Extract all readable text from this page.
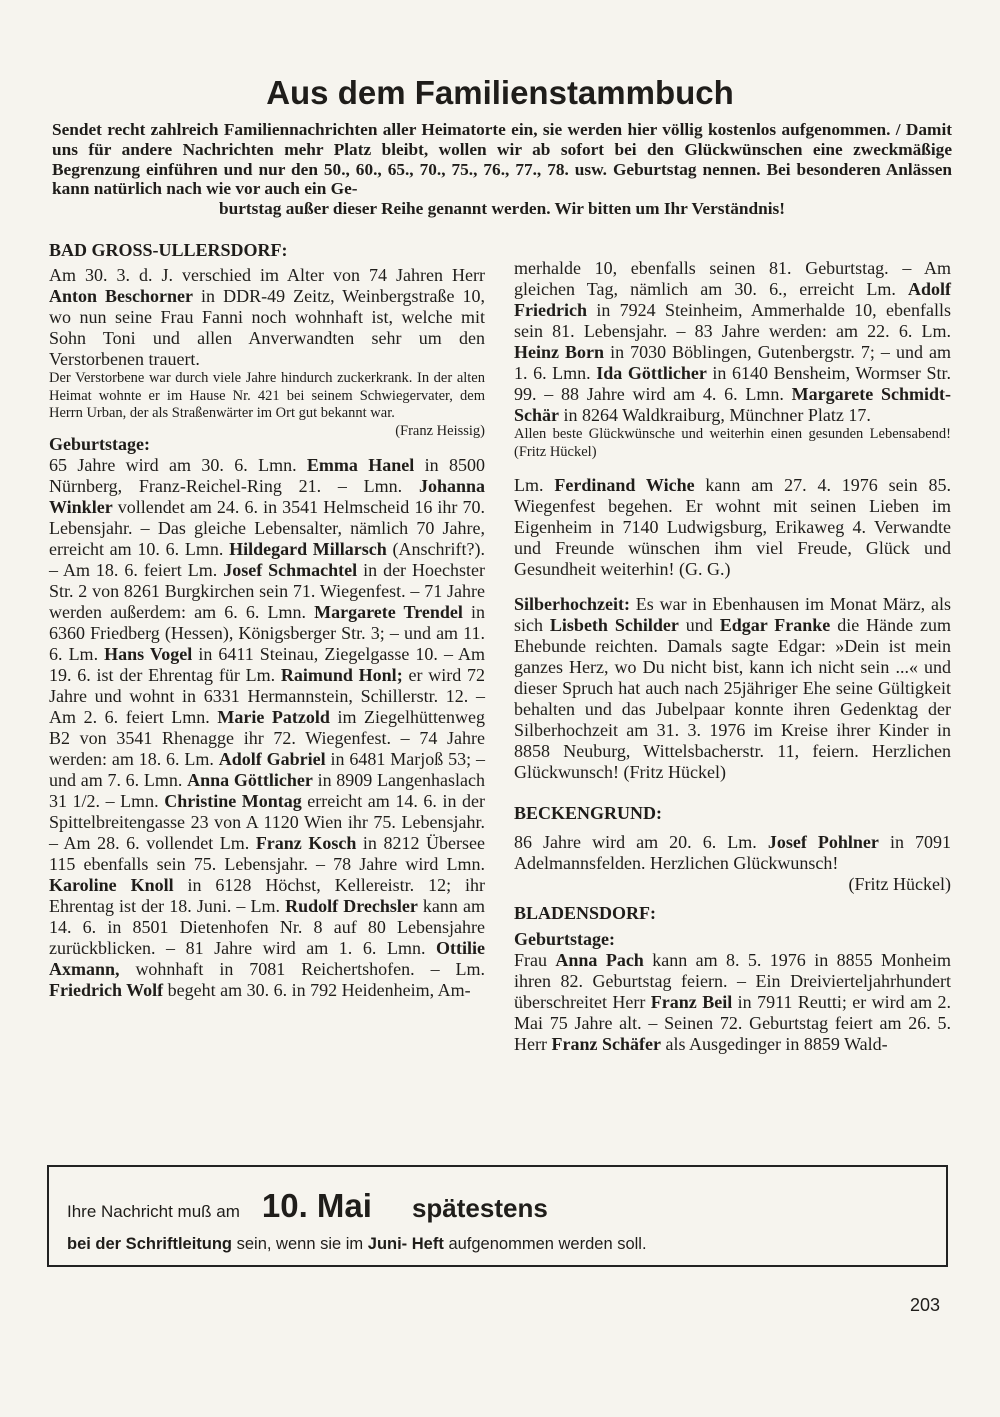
Aus dem Familienstammbuch
Sendet recht zahlreich Familiennachrichten aller Heimatorte ein, sie werden hier völlig kostenlos aufgenommen. / Damit uns für andere Nachrichten mehr Platz bleibt, wollen wir ab sofort bei den Glückwünschen eine zweckmäßige Begrenzung einführen und nur den 50., 60., 65., 70., 75., 76., 77., 78. usw. Geburtstag nennen. Bei besonderen Anlässen kann natürlich nach wie vor auch ein Ge-
burtstag außer dieser Reihe genannt werden. Wir bitten um Ihr Verständnis!

BAD GROSS-ULLERSDORF:

Am 30. 3. d. J. verschied im Alter von 74 Jahren Herr Anton Beschorner in DDR-49 Zeitz, Weinbergstraße 10, wo nun seine Frau Fanni noch wohnhaft ist, welche mit Sohn Toni und allen Anverwandten sehr um den Verstorbenen trauert.

Der Verstorbene war durch viele Jahre hindurch zuckerkrank. In der alten Heimat wohnte er im Hause Nr. 421 bei seinem Schwiegervater, dem Herrn Urban, der als Straßenwärter im Ort gut bekannt war.

(Franz Heissig)

Geburtstage:

65 Jahre wird am 30. 6. Lmn. Emma Hanel in 8500 Nürnberg, Franz-Reichel-Ring 21. – Lmn. Johanna Winkler vollendet am 24. 6. in 3541 Helmscheid 16 ihr 70. Lebensjahr. – Das gleiche Lebensalter, nämlich 70 Jahre, erreicht am 10. 6. Lmn. Hildegard Millarsch (Anschrift?). – Am 18. 6. feiert Lm. Josef Schmachtel in der Hoechster Str. 2 von 8261 Burgkirchen sein 71. Wiegenfest. – 71 Jahre werden außerdem: am 6. 6. Lmn. Margarete Trendel in 6360 Friedberg (Hessen), Königsberger Str. 3; – und am 11. 6. Lm. Hans Vogel in 6411 Steinau, Ziegelgasse 10. – Am 19. 6. ist der Ehrentag für Lm. Raimund Honl; er wird 72 Jahre und wohnt in 6331 Hermannstein, Schillerstr. 12. – Am 2. 6. feiert Lmn. Marie Patzold im Ziegelhüttenweg B2 von 3541 Rhenagge ihr 72. Wiegenfest. – 74 Jahre werden: am 18. 6. Lm. Adolf Gabriel in 6481 Marjoß 53; – und am 7. 6. Lmn. Anna Göttlicher in 8909 Langenhaslach 31 1/2. – Lmn. Christine Montag erreicht am 14. 6. in der Spittelbreitengasse 23 von A 1120 Wien ihr 75. Lebensjahr. – Am 28. 6. vollendet Lm. Franz Kosch in 8212 Übersee 115 ebenfalls sein 75. Lebensjahr. – 78 Jahre wird Lmn. Karoline Knoll in 6128 Höchst, Kellereistr. 12; ihr Ehrentag ist der 18. Juni. – Lm. Rudolf Drechsler kann am 14. 6. in 8501 Dietenhofen Nr. 8 auf 80 Lebensjahre zurückblicken. – 81 Jahre wird am 1. 6. Lmn. Ottilie Axmann, wohnhaft in 7081 Reichertshofen. – Lm. Friedrich Wolf begeht am 30. 6. in 792 Heidenheim, Am-

merhalde 10, ebenfalls seinen 81. Geburtstag. – Am gleichen Tag, nämlich am 30. 6., erreicht Lm. Adolf Friedrich in 7924 Steinheim, Ammerhalde 10, ebenfalls sein 81. Lebensjahr. – 83 Jahre werden: am 22. 6. Lm. Heinz Born in 7030 Böblingen, Gutenbergstr. 7; – und am 1. 6. Lmn. Ida Göttlicher in 6140 Bensheim, Wormser Str. 99. – 88 Jahre wird am 4. 6. Lmn. Margarete Schmidt-Schär in 8264 Waldkraiburg, Münchner Platz 17.

Allen beste Glückwünsche und weiterhin einen gesunden Lebensabend! (Fritz Hückel)

Lm. Ferdinand Wiche kann am 27. 4. 1976 sein 85. Wiegenfest begehen. Er wohnt mit seinen Lieben im Eigenheim in 7140 Ludwigsburg, Erikaweg 4. Verwandte und Freunde wünschen ihm viel Freude, Glück und Gesundheit weiterhin! (G. G.)

Silberhochzeit: Es war in Ebenhausen im Monat März, als sich Lisbeth Schilder und Edgar Franke die Hände zum Ehebunde reichten. Damals sagte Edgar: »Dein ist mein ganzes Herz, wo Du nicht bist, kann ich nicht sein ...« und dieser Spruch hat auch nach 25jähriger Ehe seine Gültigkeit behalten und das Jubelpaar konnte ihren Gedenktag der Silberhochzeit am 31. 3. 1976 im Kreise ihrer Kinder in 8858 Neuburg, Wittelsbacherstr. 11, feiern. Herzlichen Glückwunsch! (Fritz Hückel)

BECKENGRUND:

86 Jahre wird am 20. 6. Lm. Josef Pohlner in 7091 Adelmannsfelden. Herzlichen Glückwunsch!

(Fritz Hückel)

BLADENSDORF:

Geburtstage:

Frau Anna Pach kann am 8. 5. 1976 in 8855 Monheim ihren 82. Geburtstag feiern. – Ein Dreivierteljahrhundert überschreitet Herr Franz Beil in 7911 Reutti; er wird am 2. Mai 75 Jahre alt. – Seinen 72. Geburtstag feiert am 26. 5. Herr Franz Schäfer als Ausgedinger in 8859 Wald-

Ihre Nachricht muß am 10. Mai spätestens
bei der Schriftleitung sein, wenn sie im Juni- Heft aufgenommen werden soll.
203
